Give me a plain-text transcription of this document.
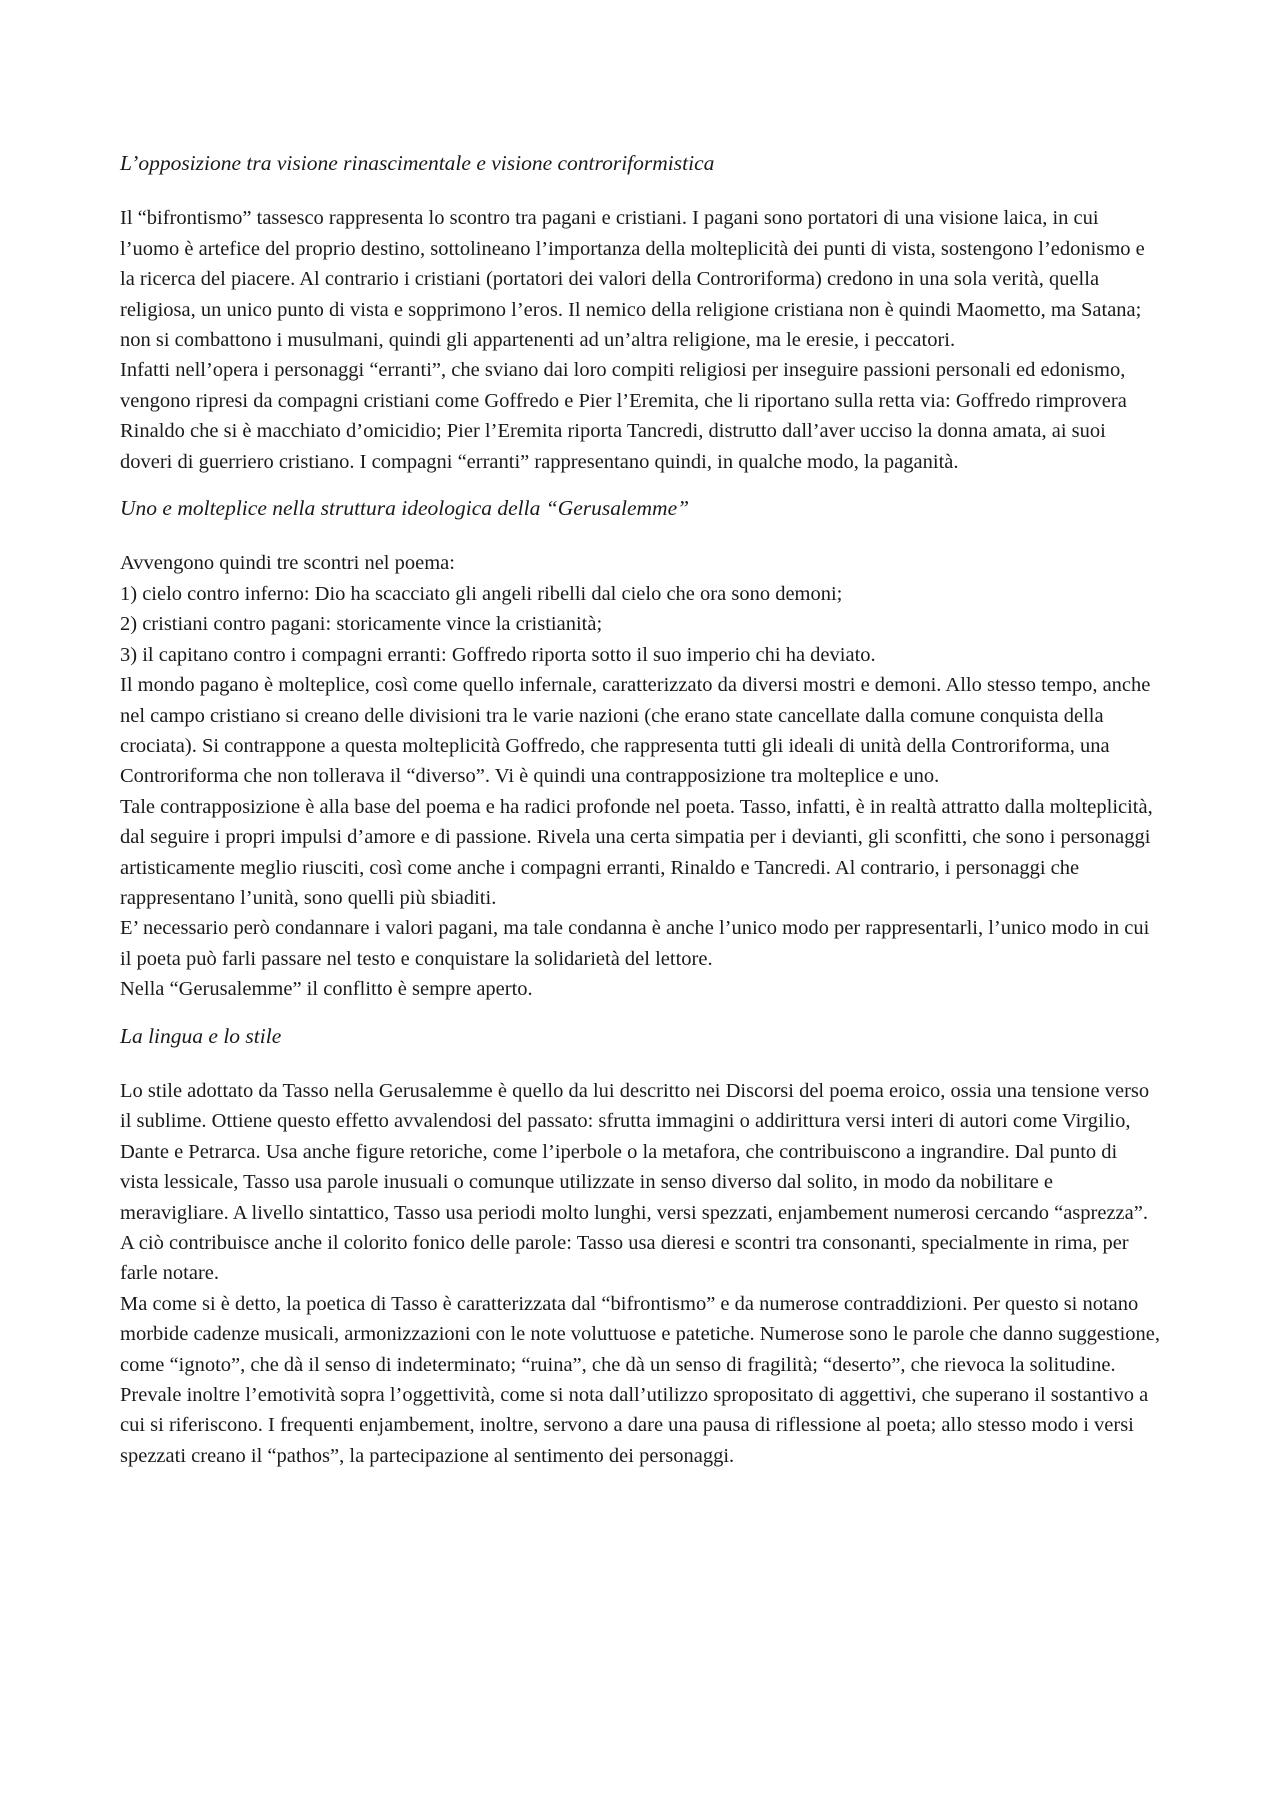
L’opposizione tra visione rinascimentale e visione controriformistica

Il “bifrontismo” tassesco rappresenta lo scontro tra pagani e cristiani. I pagani sono portatori di una visione laica, in cui l’uomo è artefice del proprio destino, sottolineano l’importanza della molteplicità dei punti di vista, sostengono l’edonismo e la ricerca del piacere. Al contrario i cristiani (portatori dei valori della Controriforma) credono in una sola verità, quella religiosa, un unico punto di vista e sopprimono l’eros. Il nemico della religione cristiana non è quindi Maometto, ma Satana; non si combattono i musulmani, quindi gli appartenenti ad un’altra religione, ma le eresie, i peccatori.

Infatti nell’opera i personaggi “erranti”, che sviano dai loro compiti religiosi per inseguire passioni personali ed edonismo, vengono ripresi da compagni cristiani come Goffredo e Pier l’Eremita, che li riportano sulla retta via: Goffredo rimprovera Rinaldo che si è macchiato d’omicidio; Pier l’Eremita riporta Tancredi, distrutto dall’aver ucciso la donna amata, ai suoi doveri di guerriero cristiano. I compagni “erranti” rappresentano quindi, in qualche modo, la paganità.

Uno e molteplice nella struttura ideologica della “Gerusalemme”

Avvengono quindi tre scontri nel poema:

1) cielo contro inferno: Dio ha scacciato gli angeli ribelli dal cielo che ora sono demoni;

2) cristiani contro pagani: storicamente vince la cristianità;

3) il capitano contro i compagni erranti: Goffredo riporta sotto il suo imperio chi ha deviato.

Il mondo pagano è molteplice, così come quello infernale, caratterizzato da diversi mostri e demoni. Allo stesso tempo, anche nel campo cristiano si creano delle divisioni tra le varie nazioni (che erano state cancellate dalla comune conquista della crociata). Si contrappone a questa molteplicità Goffredo, che rappresenta tutti gli ideali di unità della Controriforma, una Controriforma che non tollerava il “diverso”. Vi è quindi una contrapposizione tra molteplice e uno.

Tale contrapposizione è alla base del poema e ha radici profonde nel poeta. Tasso, infatti, è in realtà attratto dalla molteplicità, dal seguire i propri impulsi d’amore e di passione. Rivela una certa simpatia per i devianti, gli sconfitti, che sono i personaggi artisticamente meglio riusciti, così come anche i compagni erranti, Rinaldo e Tancredi. Al contrario, i personaggi che rappresentano l’unità, sono quelli più sbiaditi.

E’ necessario però condannare i valori pagani, ma tale condanna è anche l’unico modo per rappresentarli, l’unico modo in cui il poeta può farli passare nel testo e conquistare la solidarietà del lettore.

Nella “Gerusalemme” il conflitto è sempre aperto.

La lingua e lo stile

Lo stile adottato da Tasso nella Gerusalemme è quello da lui descritto nei Discorsi del poema eroico, ossia una tensione verso il sublime. Ottiene questo effetto avvalendosi del passato: sfrutta immagini o addirittura versi interi di autori come Virgilio, Dante e Petrarca. Usa anche figure retoriche, come l’iperbole o la metafora, che contribuiscono a ingrandire. Dal punto di vista lessicale, Tasso usa parole inusuali o comunque utilizzate in senso diverso dal solito, in modo da nobilitare e meravigliare. A livello sintattico, Tasso usa periodi molto lunghi, versi spezzati, enjambement numerosi cercando “asprezza”. A ciò contribuisce anche il colorito fonico delle parole: Tasso usa dieresi e scontri tra consonanti, specialmente in rima, per farle notare.

Ma come si è detto, la poetica di Tasso è caratterizzata dal “bifrontismo” e da numerose contraddizioni. Per questo si notano morbide cadenze musicali, armonizzazioni con le note voluttuose e patetiche. Numerose sono le parole che danno suggestione, come “ignoto”, che dà il senso di indeterminato; “ruina”, che dà un senso di fragilità; “deserto”, che rievoca la solitudine.

Prevale inoltre l’emotività sopra l’oggettività, come si nota dall’utilizzo spropositato di aggettivi, che superano il sostantivo a cui si riferiscono. I frequenti enjambement, inoltre, servono a dare una pausa di riflessione al poeta; allo stesso modo i versi spezzati creano il “pathos”, la partecipazione al sentimento dei personaggi.
